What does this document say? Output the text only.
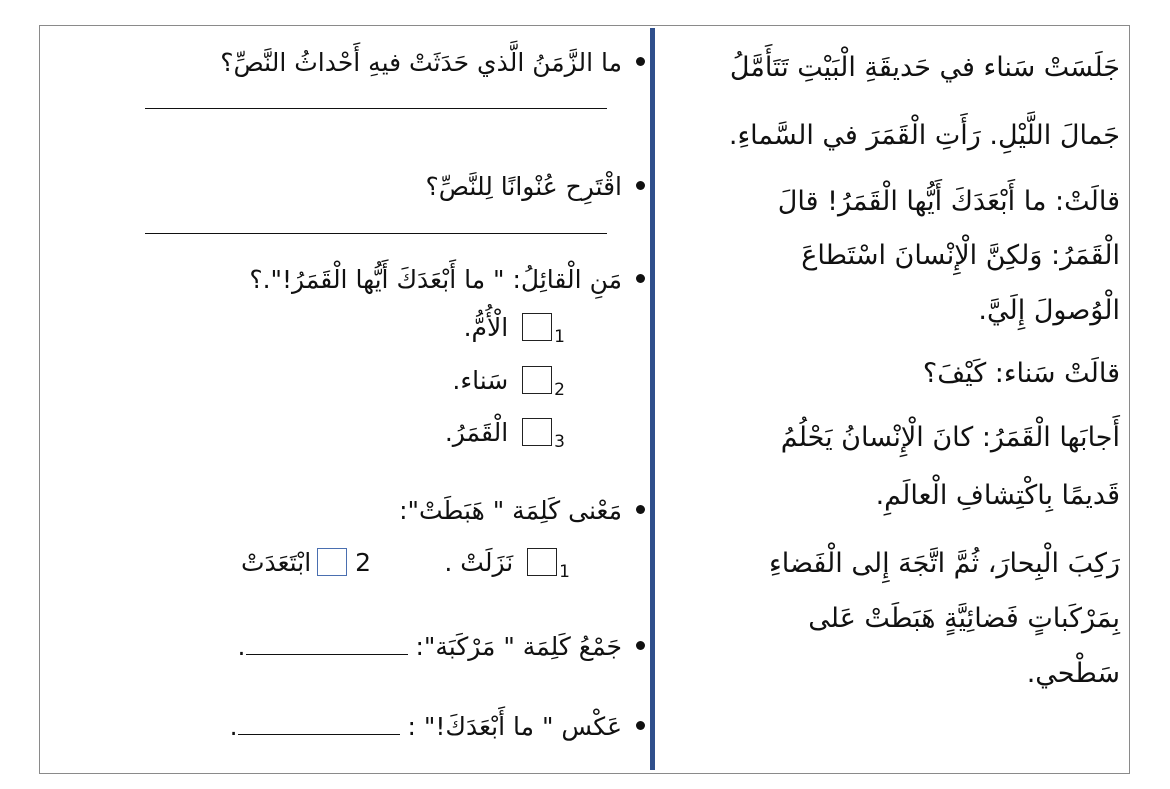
جَلَسَتْ سَناء في حَديقَةِ الْبَيْتِ تَتَأَمَّلُ
جَمالَ اللَّيْلِ. رَأَتِ الْقَمَرَ في السَّماءِ.
قالَتْ: ما أَبْعَدَكَ أَيُّها الْقَمَرُ! قالَ
الْقَمَرُ: وَلكِنَّ الْإِنْسانَ اسْتَطاعَ
الْوُصولَ إِلَيَّ.
قالَتْ سَناء: كَيْفَ؟
أَجابَها الْقَمَرُ: كانَ الْإِنْسانُ يَحْلُمُ
قَديمًا بِاكْتِشافِ الْعالَمِ.
رَكِبَ الْبِحارَ، ثُمَّ اتَّجَهَ إِلى الْفَضاءِ
بِمَرْكَباتٍ فَضائِيَّةٍ هَبَطَتْ عَلى
سَطْحي.
ما الزَّمَنُ الَّذي حَدَثَتْ فيهِ أَحْداثُ النَّصِّ؟
اقْتَرِح عُنْوانًا لِلنَّصِّ؟
مَنِ الْقائِلُ: " ما أَبْعَدَكَ أَيُّها الْقَمَرُ!".؟
$_1$ الْأُمُّ.
$_2$ سَناء.
$_3$ الْقَمَرُ.
مَعْنى كَلِمَة " هَبَطَتْ":
$_1$ نَزَلَتْ .
2 ابْتَعَدَتْ
جَمْعُ كَلِمَة " مَرْكَبَة": .
عَكْس " ما أَبْعَدَكَ!" : .
